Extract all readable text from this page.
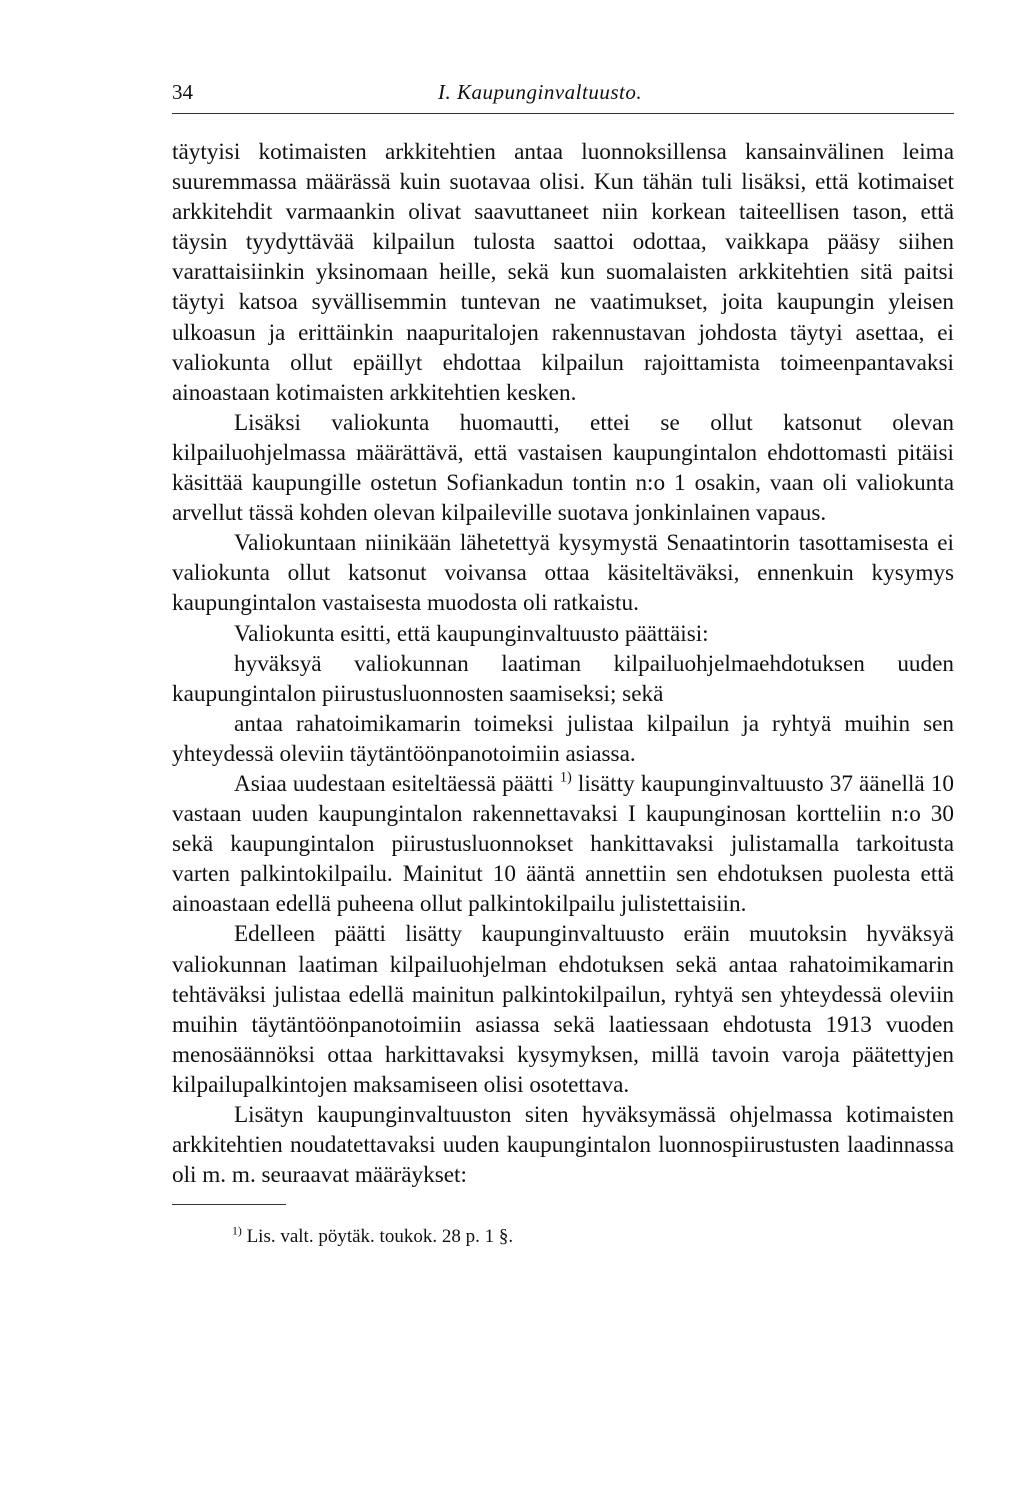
34	I. Kaupunginvaltuusto.

täytyisi kotimaisten arkkitehtien antaa luonnoksillensa kansainvälinen leima suuremmassa määrässä kuin suotavaa olisi. Kun tähän tuli lisäksi, että kotimaiset arkkitehdit varmaankin olivat saavuttaneet niin korkean taiteellisen tason, että täysin tyydyttävää kilpailun tulosta saattoi odottaa, vaikkapa pääsy siihen varattaisiinkin yksinomaan heille, sekä kun suomalaisten arkkitehtien sitä paitsi täytyi katsoa syvällisemmin tuntevan ne vaatimukset, joita kaupungin yleisen ulkoasun ja erittäinkin naapuritalojen rakennustavan johdosta täytyi asettaa, ei valiokunta ollut epäillyt ehdottaa kilpailun rajoittamista toimeenpantavaksi ainoastaan kotimaisten arkkitehtien kesken.

Lisäksi valiokunta huomautti, ettei se ollut katsonut olevan kilpailuohjelmassa määrättävä, että vastaisen kaupungintalon ehdottomasti pitäisi käsittää kaupungille ostetun Sofiankadun tontin n:o 1 osakin, vaan oli valiokunta arvellut tässä kohden olevan kilpaileville suotava jonkinlainen vapaus.

Valiokuntaan niinikään lähetettyä kysymystä Senaatintorin tasottamisesta ei valiokunta ollut katsonut voivansa ottaa käsiteltäväksi, ennenkuin kysymys kaupungintalon vastaisesta muodosta oli ratkaistu.

Valiokunta esitti, että kaupunginvaltuusto päättäisi:

hyväksyä valiokunnan laatiman kilpailuohjelmaehdotuksen uuden kaupungintalon piirustusluonnosten saamiseksi; sekä

antaa rahatoimikamarin toimeksi julistaa kilpailun ja ryhtyä muihin sen yhteydessä oleviin täytäntöönpanotoimiin asiassa.

Asiaa uudestaan esiteltäessä päätti $^{1)}$ lisätty kaupunginvaltuusto 37 äänellä 10 vastaan uuden kaupungintalon rakennettavaksi I kaupunginosan kortteliin n:o 30 sekä kaupungintalon piirustusluonnokset hankittavaksi julistamalla tarkoitusta varten palkintokilpailu. Mainitut 10 ääntä annettiin sen ehdotuksen puolesta että ainoastaan edellä puheena ollut palkintokilpailu julistettaisiin.

Edelleen päätti lisätty kaupunginvaltuusto eräin muutoksin hyväksyä valiokunnan laatiman kilpailuohjelman ehdotuksen sekä antaa rahatoimikamarin tehtäväksi julistaa edellä mainitun palkintokilpailun, ryhtyä sen yhteydessä oleviin muihin täytäntöönpanotoimiin asiassa sekä laatiessaan ehdotusta 1913 vuoden menosäännöksi ottaa harkittavaksi kysymyksen, millä tavoin varoja päätettyjen kilpailupalkintojen maksamiseen olisi osotettava.

Lisätyn kaupunginvaltuuston siten hyväksymässä ohjelmassa kotimaisten arkkitehtien noudatettavaksi uuden kaupungintalon luonnospiirustusten laadinnassa oli m. m. seuraavat määräykset:

$^{1)}$ Lis. valt. pöytäk. toukok. 28 p. 1 §.
